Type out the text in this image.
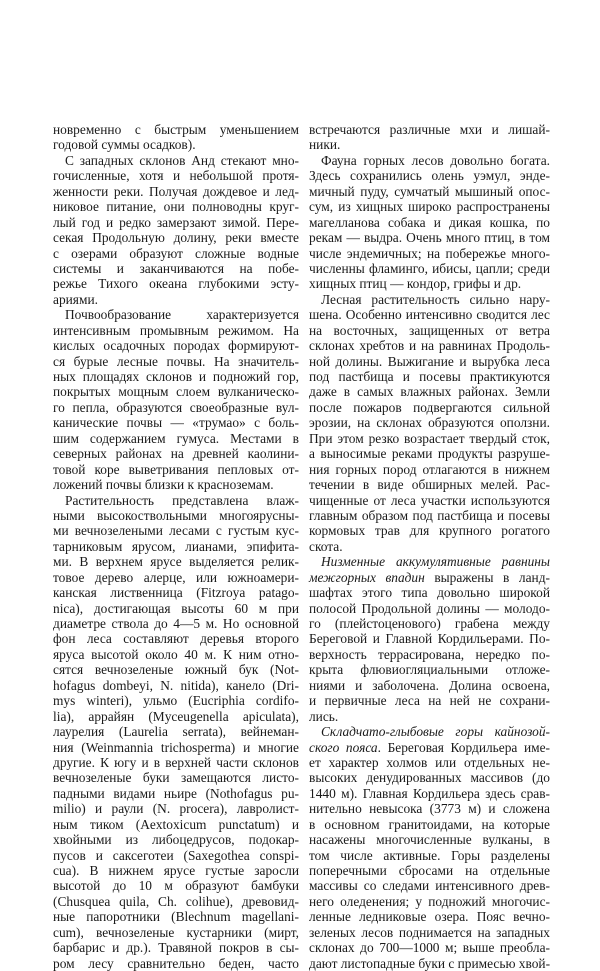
новременно с быстрым уменьшением
годовой суммы осадков).
С западных склонов Анд стекают мно-
гочисленные, хотя и небольшой протя-
женности реки. Получая дождевое и лед-
никовое питание, они полноводны круг-
лый год и редко замерзают зимой. Пере-
секая Продольную долину, реки вместе
с озерами образуют сложные водные
системы и заканчиваются на побе-
режье Тихого океана глубокими эсту-
ариями.
Почвообразование характеризуется
интенсивным промывным режимом. На
кислых осадочных породах формируют-
ся бурые лесные почвы. На значитель-
ных площадях склонов и подножий гор,
покрытых мощным слоем вулканическо-
го пепла, образуются своеобразные вул-
канические почвы — «трумао» с боль-
шим содержанием гумуса. Местами в
северных районах на древней каолини-
товой коре выветривания пепловых от-
ложений почвы близки к красноземам.
Растительность представлена влаж-
ными высокоствольными многоярусны-
ми вечнозелеными лесами с густым кус-
тарниковым ярусом, лианами, эпифита-
ми. В верхнем ярусе выделяется релик-
товое дерево алерце, или южноамери-
канская лиственница (Fitzroya patago-
nica), достигающая высоты 60 м при
диаметре ствола до 4—5 м. Но основной
фон леса составляют деревья второго
яруса высотой около 40 м. К ним отно-
сятся вечнозеленые южный бук (Not-
hofagus dombeyi, N. nitida), канело (Dri-
mys winteri), ульмо (Eucriphia cordifo-
lia), аррайян (Myceugenella apiculata),
лаурелия (Laurelia serrata), вейнеман-
ния (Weinmannia trichosperma) и многие
другие. К югу и в верхней части склонов
вечнозеленые буки замещаются листо-
падными видами ньире (Nothofagus pu-
milio) и раули (N. procera), лавролист-
ным тиком (Aextoxicum punctatum) и
хвойными из либоцедрусов, подокар-
пусов и саксеготеи (Saxegothea conspi-
cua). В нижнем ярусе густые заросли
высотой до 10 м образуют бамбуки
(Chusquea quila, Ch. colihue), древовид-
ные папоротники (Blechnum magellani-
cum), вечнозеленые кустарники (мирт,
барбарис и др.). Травяной покров в сы-
ром лесу сравнительно беден, часто
встречаются различные мхи и лишай-
ники.
Фауна горных лесов довольно богата.
Здесь сохранились олень уэмул, энде-
мичный пуду, сумчатый мышиный опос-
сум, из хищных широко распространены
магелланова собака и дикая кошка, по
рекам — выдра. Очень много птиц, в том
числе эндемичных; на побережье много-
численны фламинго, ибисы, цапли; среди
хищных птиц — кондор, грифы и др.
Лесная растительность сильно нару-
шена. Особенно интенсивно сводится лес
на восточных, защищенных от ветра
склонах хребтов и на равнинах Продоль-
ной долины. Выжигание и вырубка леса
под пастбища и посевы практикуются
даже в самых влажных районах. Земли
после пожаров подвергаются сильной
эрозии, на склонах образуются оползни.
При этом резко возрастает твердый сток,
а выносимые реками продукты разруше-
ния горных пород отлагаются в нижнем
течении в виде обширных мелей. Рас-
чищенные от леса участки используются
главным образом под пастбища и посевы
кормовых трав для крупного рогатого
скота.
Низменные аккумулятивные равнины
межгорных впадин выражены в ланд-
шафтах этого типа довольно широкой
полосой Продольной долины — молодо-
го (плейстоценового) грабена между
Береговой и Главной Кордильерами. По-
верхность террасирована, нередко по-
крыта флювиогляциальными отложе-
ниями и заболочена. Долина освоена,
и первичные леса на ней не сохрани-
лись.
Складчато-глыбовые горы кайнозой-
ского пояса. Береговая Кордильера име-
ет характер холмов или отдельных не-
высоких денудированных массивов (до
1440 м). Главная Кордильера здесь срав-
нительно невысока (3773 м) и сложена
в основном гранитоидами, на которые
насажены многочисленные вулканы, в
том числе активные. Горы разделены
поперечными сбросами на отдельные
массивы со следами интенсивного древ-
него оледенения; у подножий многочис-
ленные ледниковые озера. Пояс вечно-
зеленых лесов поднимается на западных
склонах до 700—1000 м; выше преобла-
дают листопадные буки с примесью хвой-
